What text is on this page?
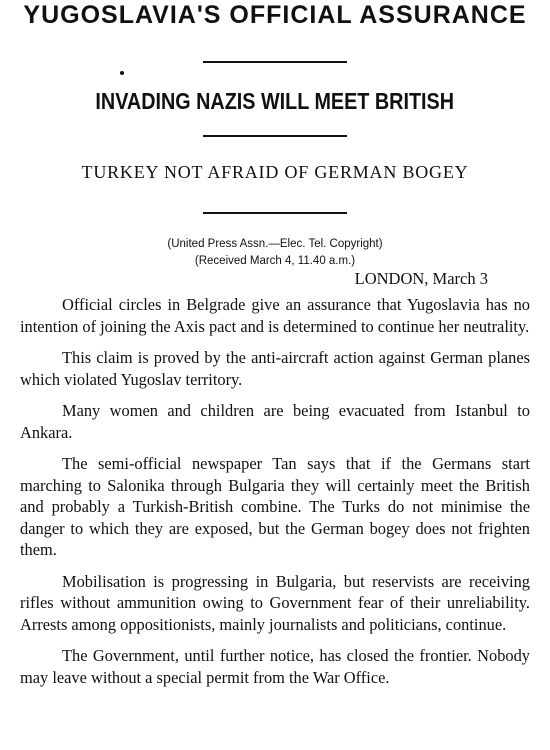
YUGOSLAVIA'S OFFICIAL ASSURANCE
INVADING NAZIS WILL MEET BRITISH
TURKEY NOT AFRAID OF GERMAN BOGEY
(United Press Assn.—Elec. Tel. Copyright)
(Received March 4, 11.40 a.m.)
LONDON, March 3

Official circles in Belgrade give an assurance that Yugoslavia has no intention of joining the Axis pact and is determined to continue her neutrality.

This claim is proved by the anti-aircraft action against German planes which violated Yugoslav territory.

Many women and children are being evacuated from Istanbul to Ankara.

The semi-official newspaper Tan says that if the Germans start marching to Salonika through Bulgaria they will certainly meet the British and probably a Turkish-British combine. The Turks do not minimise the danger to which they are exposed, but the German bogey does not frighten them.

Mobilisation is progressing in Bulgaria, but reservists are receiving rifles without ammunition owing to Government fear of their unreliability. Arrests among oppositionists, mainly journalists and politicians, continue.

The Government, until further notice, has closed the frontier. Nobody may leave without a special permit from the War Office.
